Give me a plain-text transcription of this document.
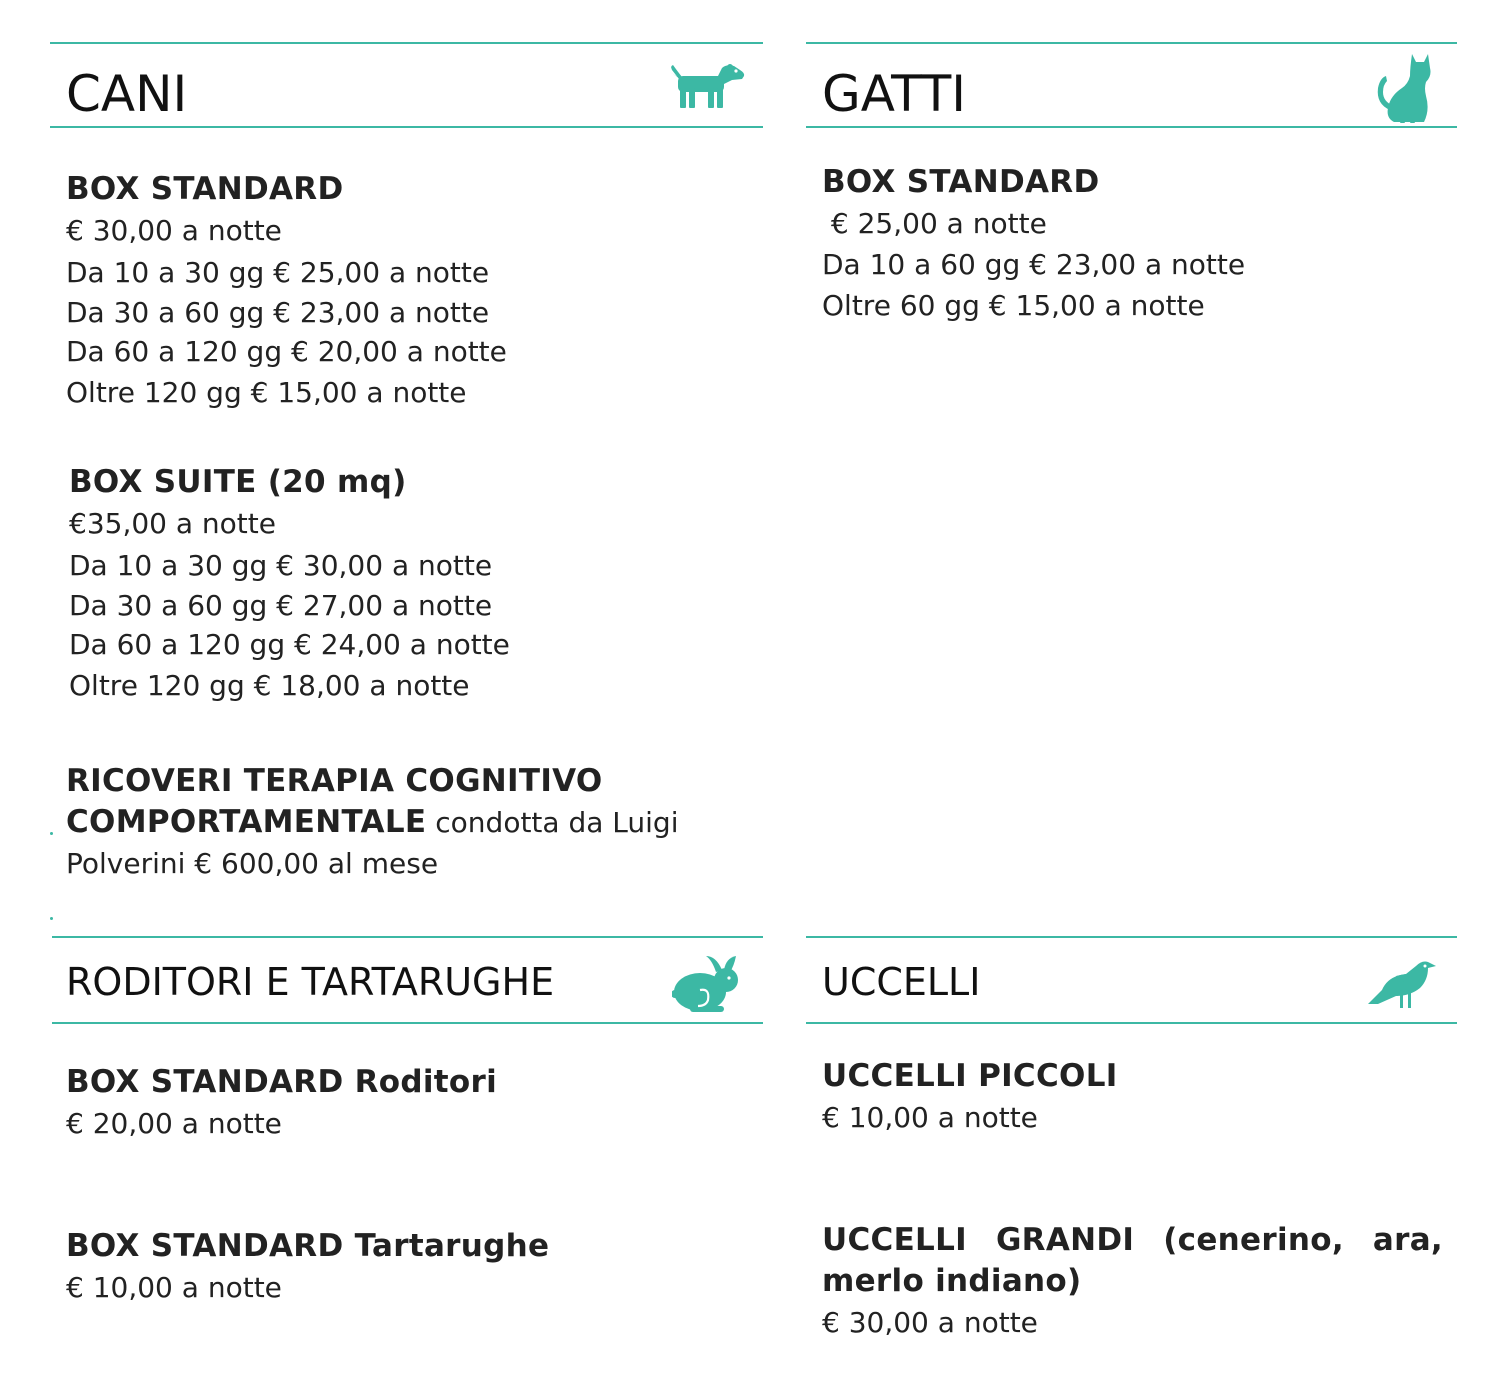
CANI
BOX STANDARD
€ 30,00 a notte
Da 10 a 30 gg € 25,00 a notte
Da 30 a 60 gg € 23,00 a notte
Da 60 a 120 gg € 20,00 a notte
Oltre 120 gg € 15,00 a notte
BOX SUITE (20 mq)
€35,00 a notte
Da 10 a 30 gg € 30,00 a notte
Da 30 a 60 gg € 27,00 a notte
Da 60 a 120 gg € 24,00 a notte
Oltre 120 gg € 18,00 a notte
RICOVERI TERAPIA COGNITIVO
COMPORTAMENTALE condotta da Luigi
Polverini € 600,00 al mese
GATTI
BOX STANDARD
€ 25,00 a notte
Da 10 a 60 gg € 23,00 a notte
Oltre 60 gg € 15,00 a notte
RODITORI E TARTARUGHE
BOX STANDARD Roditori
€ 20,00 a notte
BOX STANDARD Tartarughe
€ 10,00 a notte
UCCELLI
UCCELLI PICCOLI
€ 10,00 a notte
UCCELLI GRANDI (cenerino, ara, merlo indiano)
€ 30,00 a notte
